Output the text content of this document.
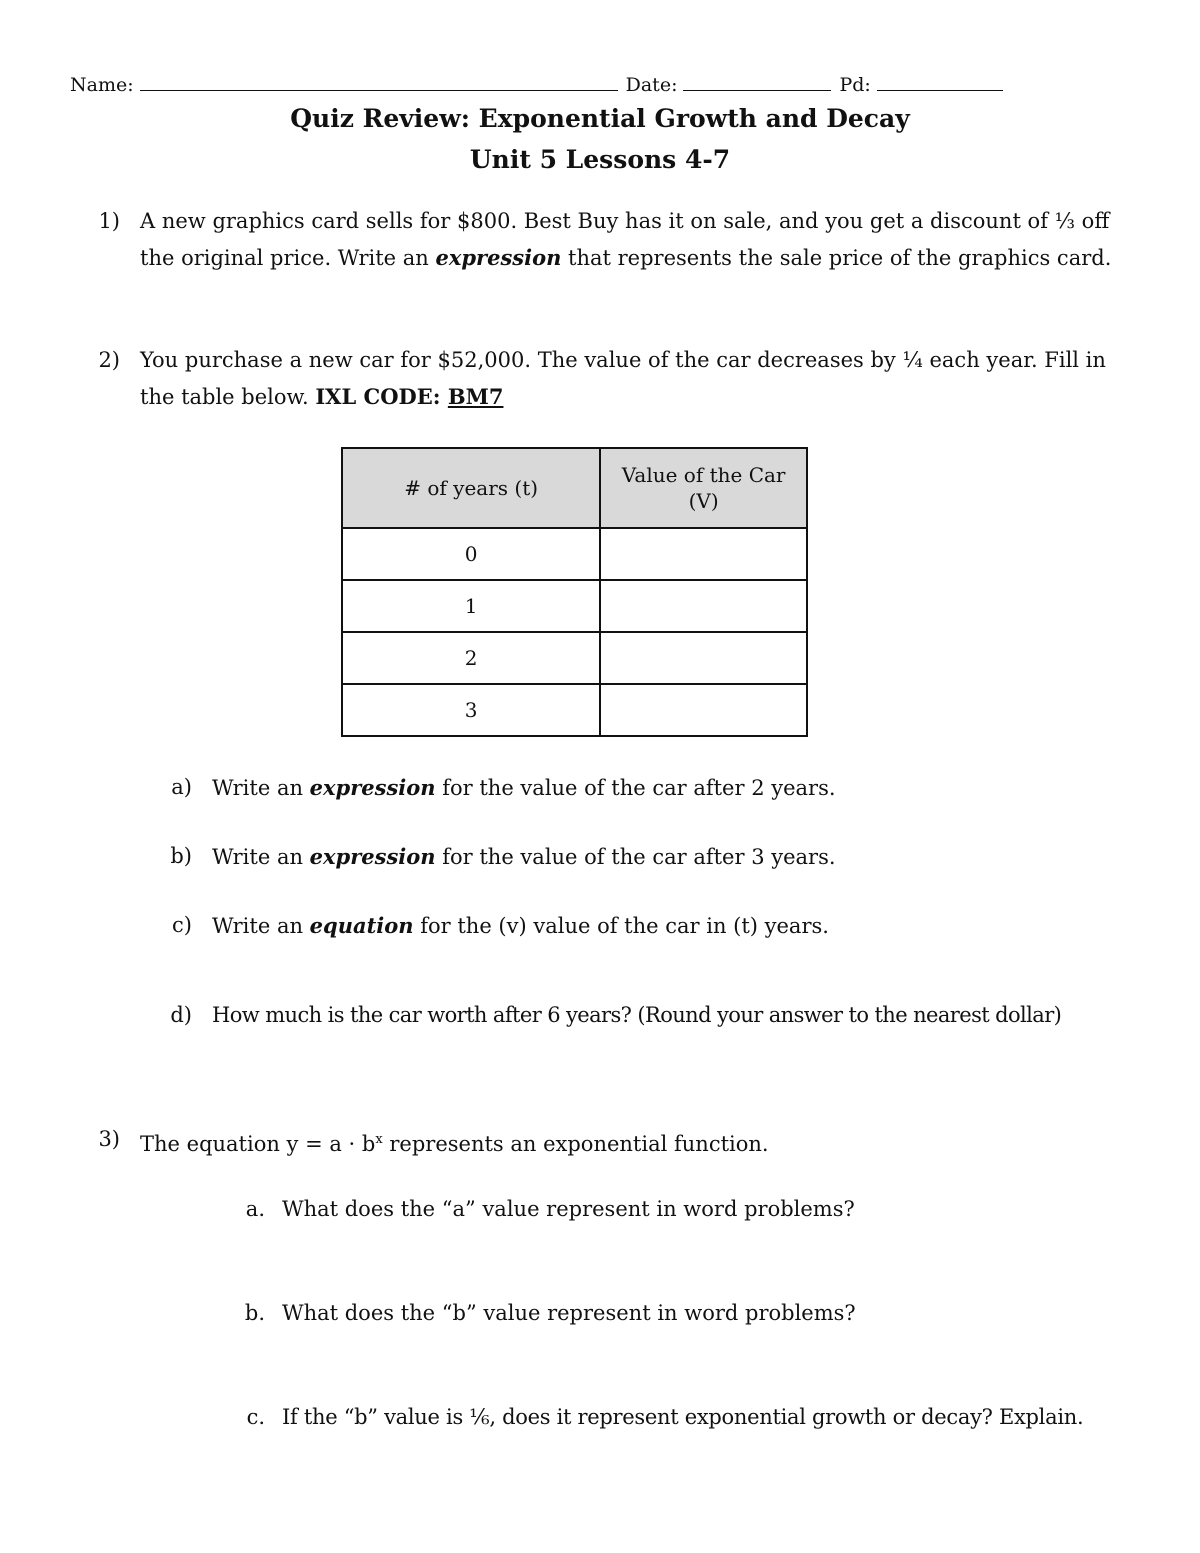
Name:	Date:	Pd:
Quiz Review: Exponential Growth and Decay
Unit 5 Lessons 4-7
1) A new graphics card sells for $800. Best Buy has it on sale, and you get a discount of ⅓ off
the original price. Write an expression that represents the sale price of the graphics card.
2) You purchase a new car for $52,000. The value of the car decreases by ¼ each year. Fill in
the table below. IXL CODE: BM7
# of years (t)	Value of the Car (V)

0	
1	
2	
3	
a) Write an expression for the value of the car after 2 years.
b) Write an expression for the value of the car after 3 years.
c) Write an equation for the (v) value of the car in (t) years.
d) How much is the car worth after 6 years? (Round your answer to the nearest dollar)
3) The equation $y = a \cdot b^x$ represents an exponential function.
a. What does the “a” value represent in word problems?
b. What does the “b” value represent in word problems?
c. If the “b” value is ⅙, does it represent exponential growth or decay? Explain.
